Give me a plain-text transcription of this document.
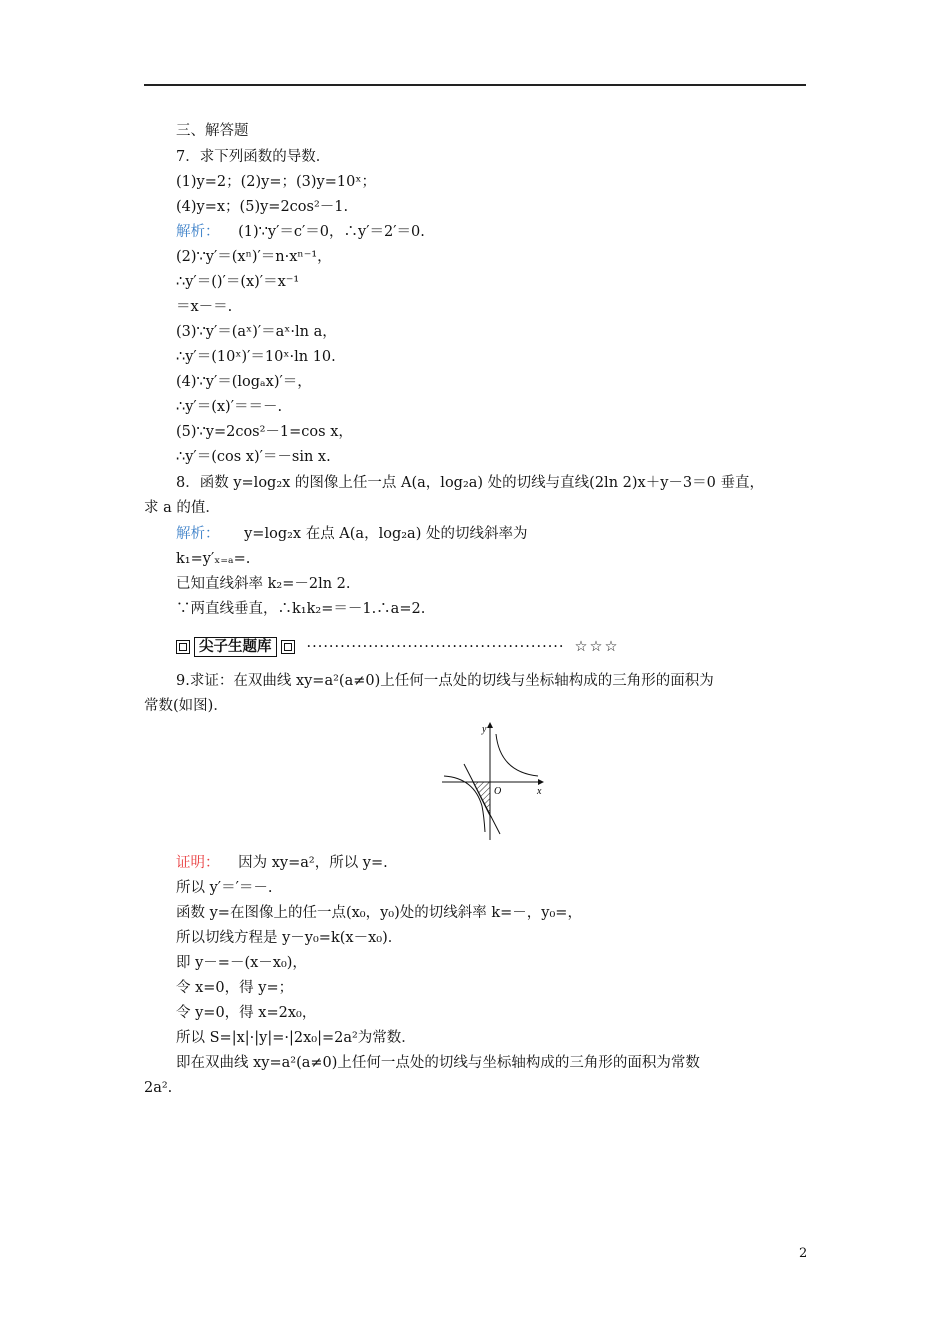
三、解答题
7．求下列函数的导数．
(1)y=2；(2)y=；(3)y=10ˣ；
(4)y=x；(5)y=2cos²－1.
解析： (1)∵y′＝c′＝0，∴y′＝2′＝0.
(2)∵y′＝(xⁿ)′＝n·xⁿ⁻¹，
∴y′＝()′＝(x)′＝x⁻¹
＝x－＝.
(3)∵y′＝(aˣ)′＝aˣ·ln a，
∴y′＝(10ˣ)′＝10ˣ·ln 10.
(4)∵y′＝(logₐx)′＝，
∴y′＝(x)′＝＝－.
(5)∵y=2cos²－1=cos x，
∴y′＝(cos x)′＝－sin x.
8．函数 y=log₂x 的图像上任一点 A(a，log₂a) 处的切线与直线(2ln 2)x＋y－3＝0 垂直，
求 a 的值．
解析： y=log₂x 在点 A(a，log₂a) 处的切线斜率为
k₁=y′ₓ₌ₐ=.
已知直线斜率 k₂=－2ln 2.
∵两直线垂直，∴k₁k₂=＝－1.∴a=2.
尖子生题库	·············································· ☆☆☆
9.求证：在双曲线 xy=a²(a≠0)上任何一点处的切线与坐标轴构成的三角形的面积为
常数(如图)．
y
x
O
证明： 因为 xy=a²，所以 y=.
所以 y′＝′＝－.
函数 y=在图像上的任一点(x₀，y₀)处的切线斜率 k=－，y₀=，
所以切线方程是 y－y₀=k(x－x₀)．
即 y－=－(x－x₀)，
令 x=0，得 y=；
令 y=0，得 x=2x₀，
所以 S=|x|·|y|=·|2x₀|=2a²为常数．
即在双曲线 xy=a²(a≠0)上任何一点处的切线与坐标轴构成的三角形的面积为常数
2a².
2
